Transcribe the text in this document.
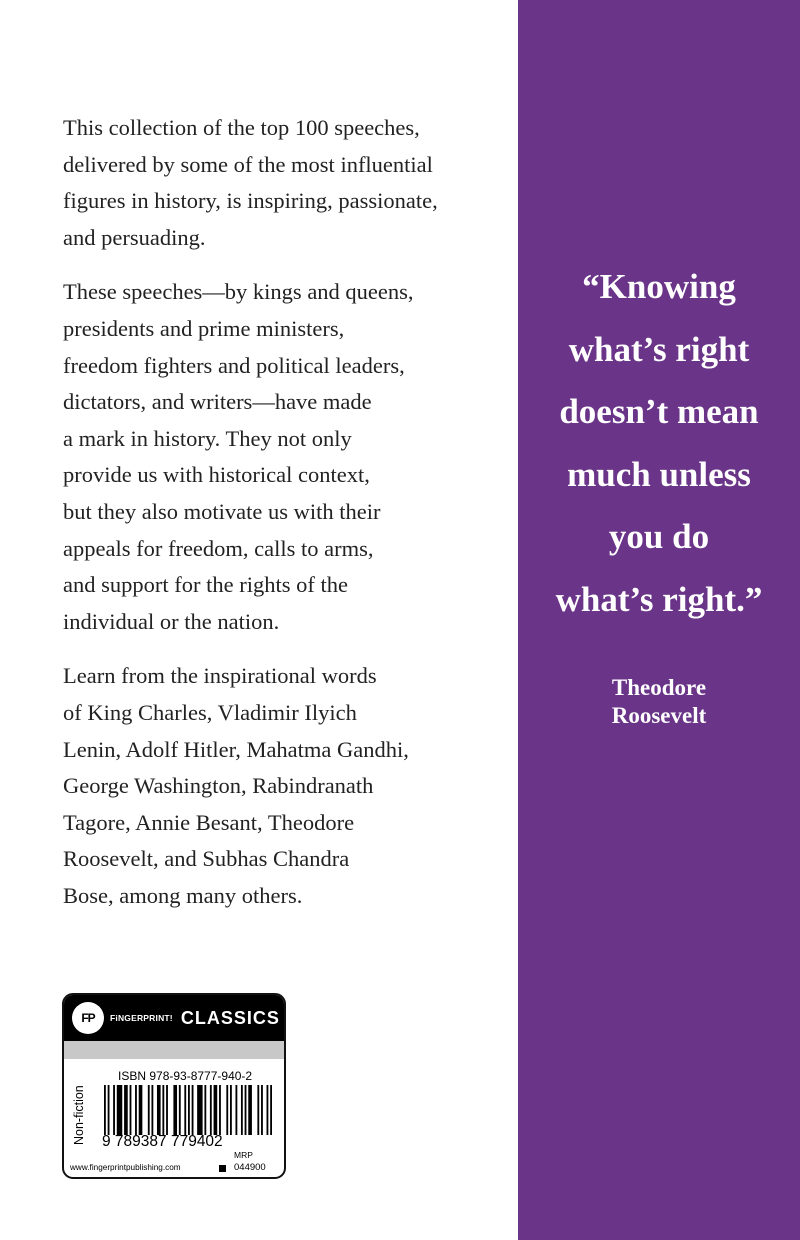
This collection of the top 100 speeches,
delivered by some of the most influential
figures in history, is inspiring, passionate,
and persuading.

These speeches—by kings and queens,
presidents and prime ministers,
freedom fighters and political leaders,
dictators, and writers—have made
a mark in history. They not only
provide us with historical context,
but they also motivate us with their
appeals for freedom, calls to arms,
and support for the rights of the
individual or the nation.

Learn from the inspirational words
of King Charles, Vladimir Ilyich
Lenin, Adolf Hitler, Mahatma Gandhi,
George Washington, Rabindranath
Tagore, Annie Besant, Theodore
Roosevelt, and Subhas Chandra
Bose, among many others.

“Knowing
what’s right
doesn’t mean
much unless
you do
what’s right.”
Theodore
Roosevelt
FP	FiNGERPRINT! CLASSICS
Non-fiction
ISBN 978-93-8777-940-2
9 789387 779402
www.fingerprintpublishing.com
MRP
044900
